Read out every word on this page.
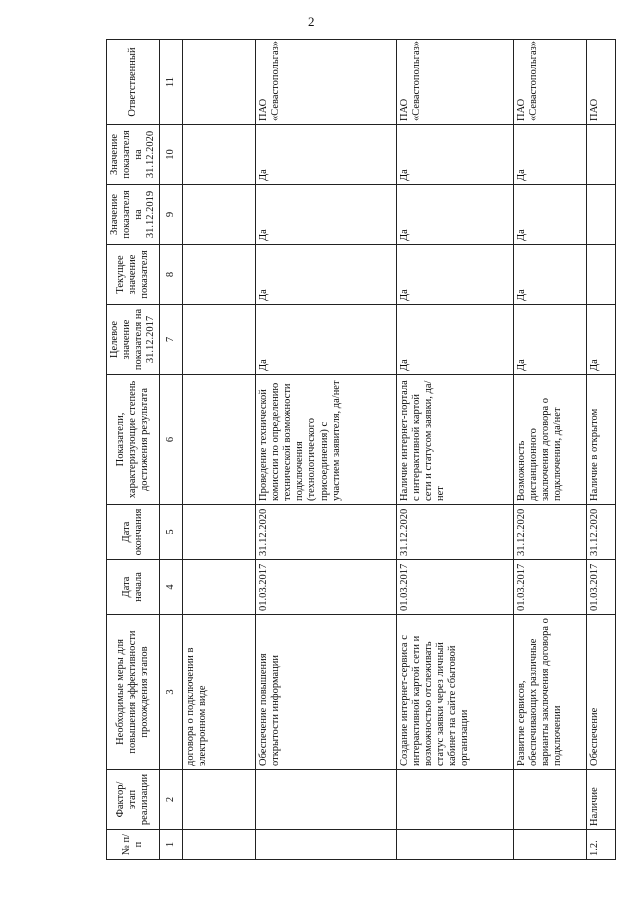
2
№ п/п	Фактор/этап реализации	Необходимые меры для повышения эффективности прохождения этапов	Дата начала	Дата окончания	Показатели, характеризующие степень достижения результата	Целевое значение показателя на 31.12.2017	Текущее значение показателя	Значение показателя на 31.12.2019	Значение показателя на 31.12.2020	Ответственный
1	2	3	4	5	6	7	8	9	10	11
		договора о подключении в электронном виде								
		Обеспечение повышения открытости информации	01.03.2017	31.12.2020	Проведение технической комиссии по определению технической возможности подключения (технологического присоединения) с участием заявителя, да/нет	Да	Да	Да	Да	ПАО «Севастопольгаз»
		Создание интернет-сервиса с интерактивной картой сети и возможностью отслеживать статус заявки через личный кабинет на сайте сбытовой организации	01.03.2017	31.12.2020	Наличие интернет-портала с интерактивной картой сети и статусом заявки, да/нет	Да	Да	Да	Да	ПАО «Севастопольгаз»
		Развитие сервисов, обеспечивающих различные варианты заключения договора о подключении	01.03.2017	31.12.2020	Возможность дистанционного заключения договора о подключении, да/нет	Да	Да	Да	Да	ПАО «Севастопольгаз»
1.2.	Наличие	Обеспечение	01.03.2017	31.12.2020	Наличие в открытом	Да				ПАО
